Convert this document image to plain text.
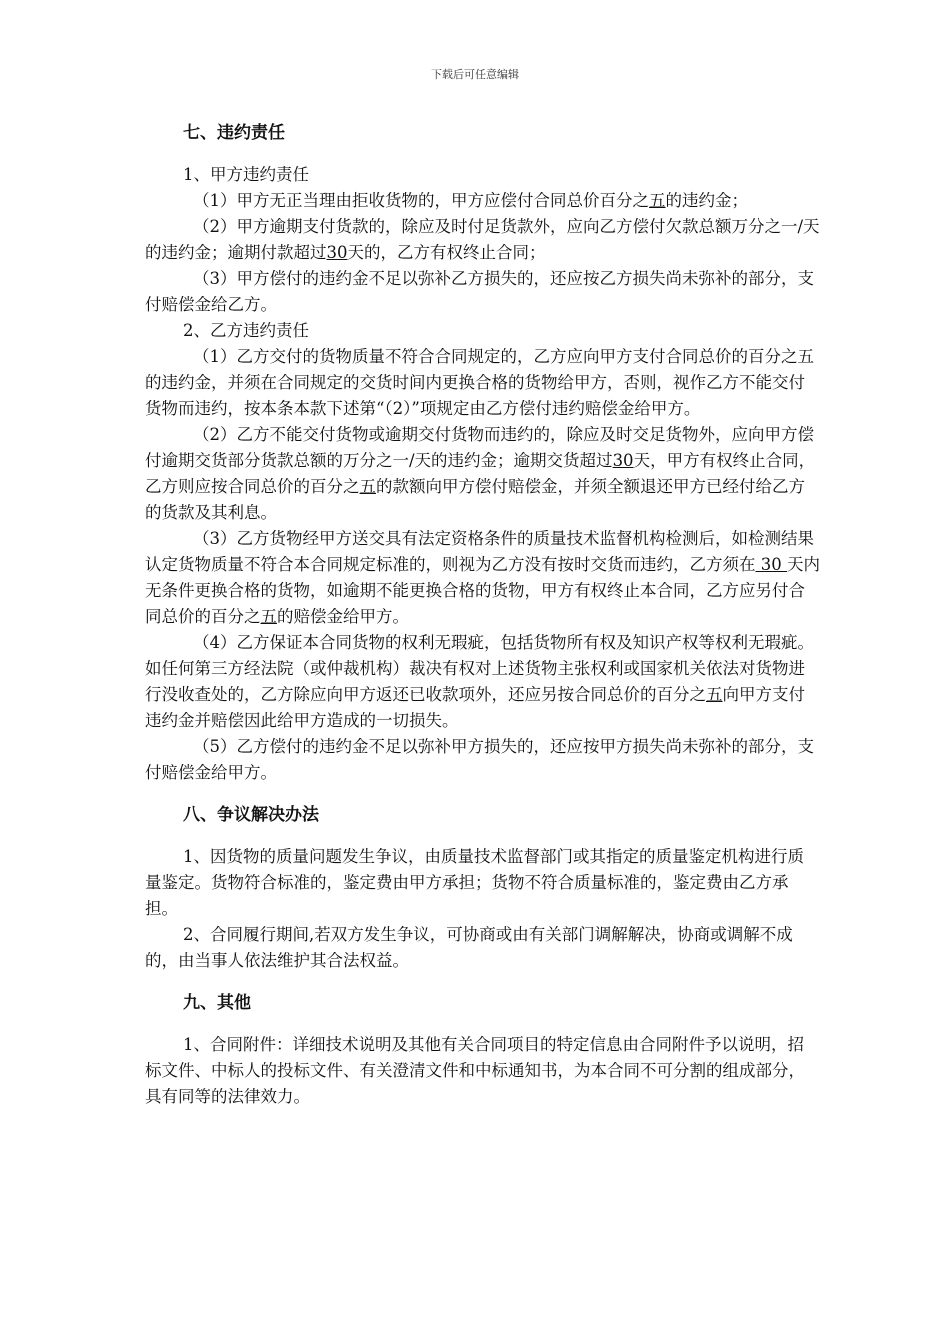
下载后可任意编辑
七、违约责任

1、甲方违约责任

（1）甲方无正当理由拒收货物的，甲方应偿付合同总价百分之五的违约金；

（2）甲方逾期支付货款的，除应及时付足货款外，应向乙方偿付欠款总额万分之一/天的违约金；逾期付款超过30天的，乙方有权终止合同；

（3）甲方偿付的违约金不足以弥补乙方损失的，还应按乙方损失尚未弥补的部分，支付赔偿金给乙方。

2、乙方违约责任

（1）乙方交付的货物质量不符合合同规定的，乙方应向甲方支付合同总价的百分之五的违约金，并须在合同规定的交货时间内更换合格的货物给甲方，否则，视作乙方不能交付货物而违约，按本条本款下述第“（2）”项规定由乙方偿付违约赔偿金给甲方。

（2）乙方不能交付货物或逾期交付货物而违约的，除应及时交足货物外，应向甲方偿付逾期交货部分货款总额的万分之一/天的违约金；逾期交货超过30天，甲方有权终止合同，乙方则应按合同总价的百分之五的款额向甲方偿付赔偿金，并须全额退还甲方已经付给乙方的货款及其利息。

（3）乙方货物经甲方送交具有法定资格条件的质量技术监督机构检测后，如检测结果认定货物质量不符合本合同规定标准的，则视为乙方没有按时交货而违约，乙方须在 30 天内无条件更换合格的货物，如逾期不能更换合格的货物，甲方有权终止本合同，乙方应另付合同总价的百分之五的赔偿金给甲方。

（4）乙方保证本合同货物的权利无瑕疵，包括货物所有权及知识产权等权利无瑕疵。如任何第三方经法院（或仲裁机构）裁决有权对上述货物主张权利或国家机关依法对货物进行没收查处的，乙方除应向甲方返还已收款项外，还应另按合同总价的百分之五向甲方支付违约金并赔偿因此给甲方造成的一切损失。

（5）乙方偿付的违约金不足以弥补甲方损失的，还应按甲方损失尚未弥补的部分，支付赔偿金给甲方。

八、争议解决办法

1、因货物的质量问题发生争议，由质量技术监督部门或其指定的质量鉴定机构进行质量鉴定。货物符合标准的，鉴定费由甲方承担；货物不符合质量标准的，鉴定费由乙方承担。

2、合同履行期间,若双方发生争议，可协商或由有关部门调解解决，协商或调解不成的，由当事人依法维护其合法权益。

九、其他

1、合同附件：详细技术说明及其他有关合同项目的特定信息由合同附件予以说明，招标文件、中标人的投标文件、有关澄清文件和中标通知书，为本合同不可分割的组成部分，具有同等的法律效力。
